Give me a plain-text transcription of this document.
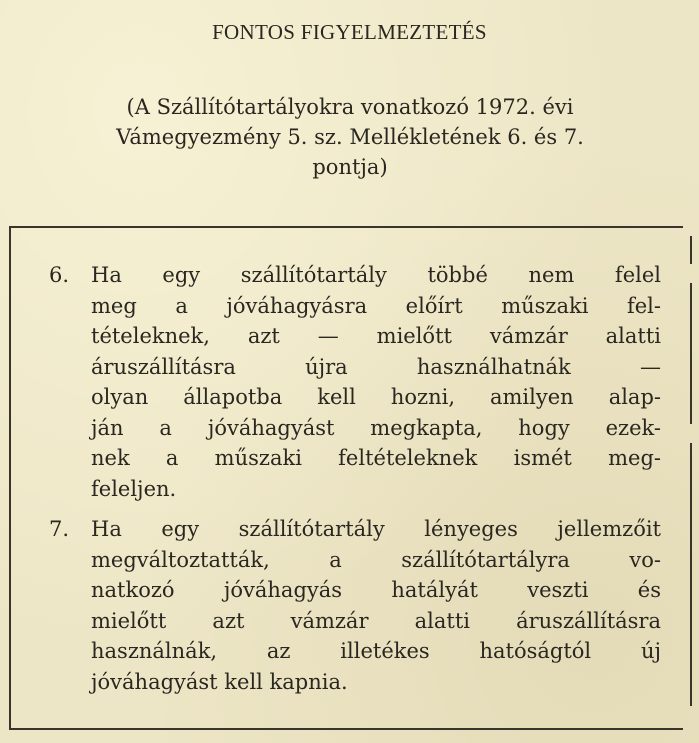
FONTOS FIGYELMEZTETÉS
(A Szállítótartályokra vonatkozó 1972. évi
Vámegyezmény 5. sz. Mellékletének 6. és 7.
pontja)
6. Ha egy szállítótartály többé nem felel
meg a jóváhagyásra előírt műszaki fel-
tételeknek, azt — mielőtt vámzár alatti
áruszállításra újra használhatnák —
olyan állapotba kell hozni, amilyen alap-
ján a jóváhagyást megkapta, hogy ezek-
nek a műszaki feltételeknek ismét meg-
feleljen.
7. Ha egy szállítótartály lényeges jellemzőit
megváltoztatták, a szállítótartályra vo-
natkozó jóváhagyás hatályát veszti és
mielőtt azt vámzár alatti áruszállításra
használnák, az illetékes hatóságtól új
jóváhagyást kell kapnia.
